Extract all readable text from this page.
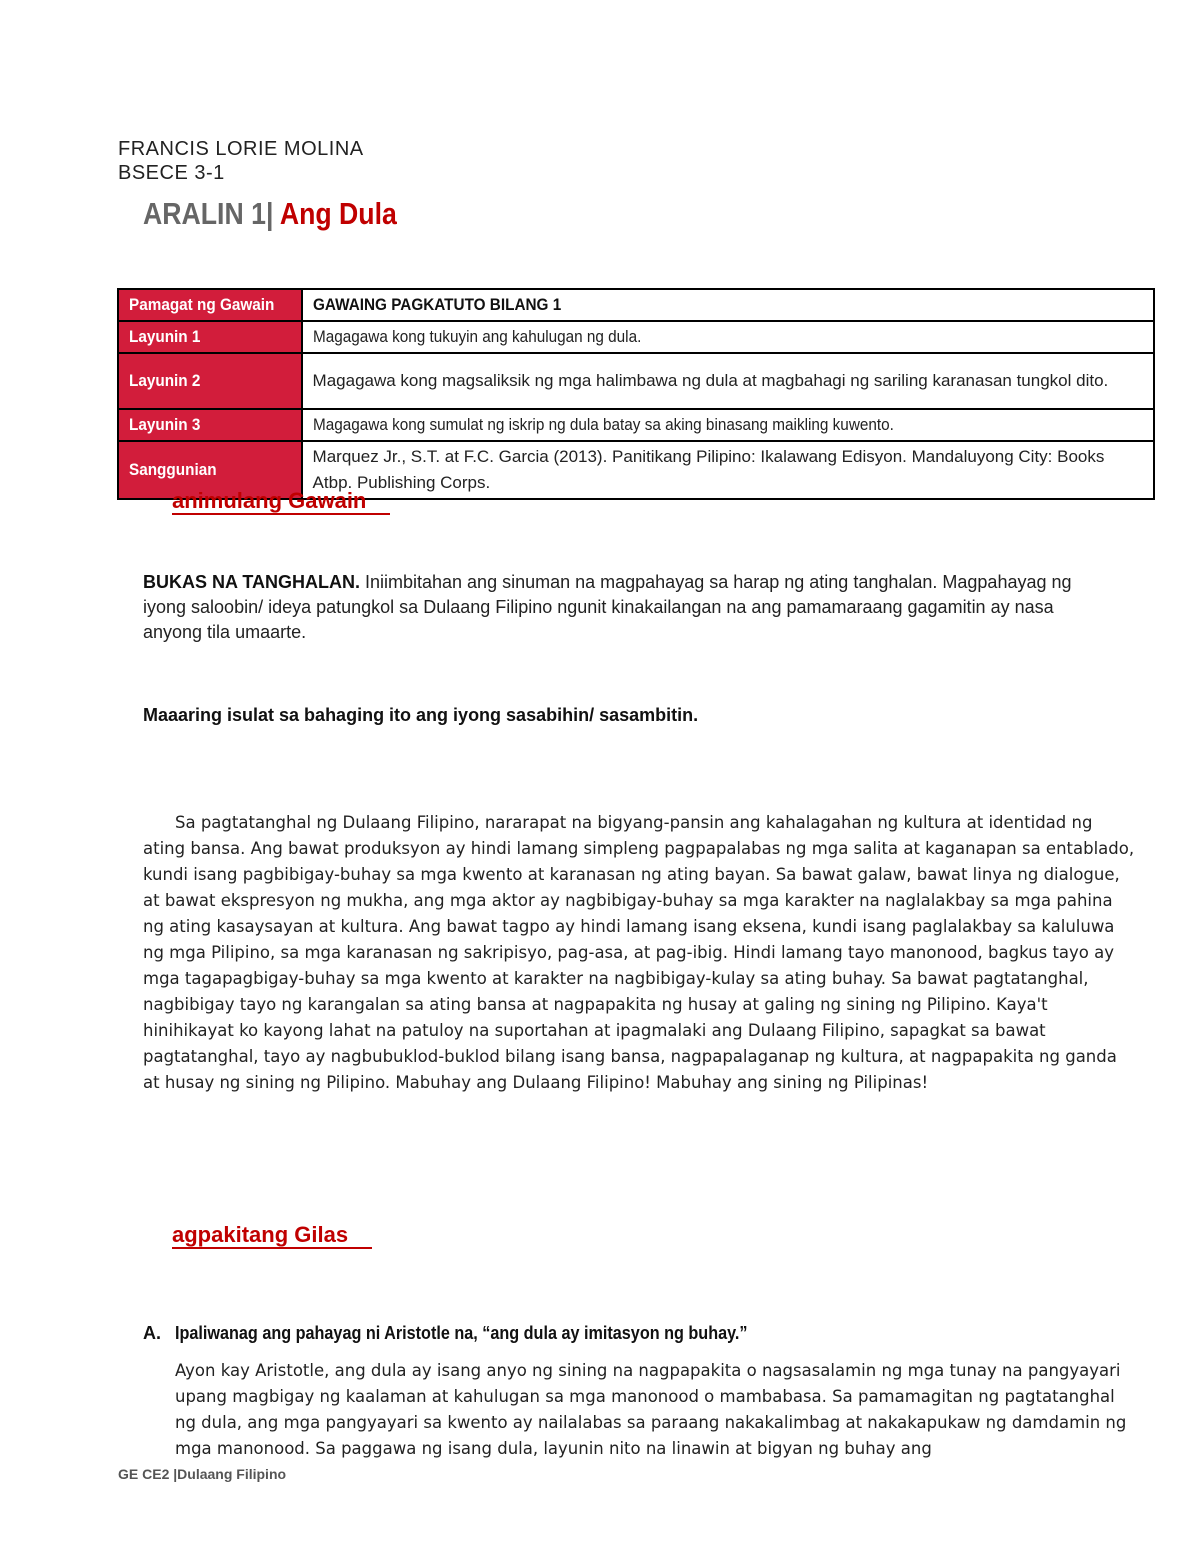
FRANCIS LORIE MOLINA
BSECE 3-1
ARALIN 1| Ang Dula
Pamagat ng Gawain	GAWAING PAGKATUTO BILANG 1
Layunin 1	Magagawa kong tukuyin ang kahulugan ng dula.
Layunin 2	Magagawa kong magsaliksik ng mga halimbawa ng dula at magbahagi ng sariling karanasan tungkol dito.

Layunin 3	Magagawa kong sumulat ng iskrip ng dula batay sa aking binasang maikling kuwento.
Sanggunian	Marquez Jr., S.T. at F.C. Garcia (2013). Panitikang Pilipino: Ikalawang Edisyon. Mandaluyong City: Books Atbp. Publishing Corps.
animulang Gawain
BUKAS NA TANGHALAN. Iniimbitahan ang sinuman na magpahayag sa harap ng ating tanghalan. Magpahayag ng iyong saloobin/ ideya patungkol sa Dulaang Filipino ngunit kinakailangan na ang pamamaraang gagamitin ay nasa anyong tila umaarte.
Maaaring isulat sa bahaging ito ang iyong sasabihin/ sasambitin.

Sa pagtatanghal ng Dulaang Filipino, nararapat na bigyang-pansin ang kahalagahan ng kultura at identidad ng ating bansa. Ang bawat produksyon ay hindi lamang simpleng pagpapalabas ng mga salita at kaganapan sa entablado, kundi isang pagbibigay-buhay sa mga kwento at karanasan ng ating bayan. Sa bawat galaw, bawat linya ng dialogue, at bawat ekspresyon ng mukha, ang mga aktor ay nagbibigay-buhay sa mga karakter na naglalakbay sa mga pahina ng ating kasaysayan at kultura. Ang bawat tagpo ay hindi lamang isang eksena, kundi isang paglalakbay sa kaluluwa ng mga Pilipino, sa mga karanasan ng sakripisyo, pag-asa, at pag-ibig. Hindi lamang tayo manonood, bagkus tayo ay mga tagapagbigay-buhay sa mga kwento at karakter na nagbibigay-kulay sa ating buhay. Sa bawat pagtatanghal, nagbibigay tayo ng karangalan sa ating bansa at nagpapakita ng husay at galing ng sining ng Pilipino. Kaya't hinihikayat ko kayong lahat na patuloy na suportahan at ipagmalaki ang Dulaang Filipino, sapagkat sa bawat pagtatanghal, tayo ay nagbubuklod-buklod bilang isang bansa, nagpapalaganap ng kultura, at nagpapakita ng ganda at husay ng sining ng Pilipino. Mabuhay ang Dulaang Filipino! Mabuhay ang sining ng Pilipinas!

agpakitang Gilas
A. Ipaliwanag ang pahayag ni Aristotle na, “ang dula ay imitasyon ng buhay.”
Ayon kay Aristotle, ang dula ay isang anyo ng sining na nagpapakita o nagsasalamin ng mga tunay na pangyayari upang magbigay ng kaalaman at kahulugan sa mga manonood o mambabasa. Sa pamamagitan ng pagtatanghal ng dula, ang mga pangyayari sa kwento ay nailalabas sa paraang nakakalimbag at nakakapukaw ng damdamin ng mga manonood. Sa paggawa ng isang dula, layunin nito na linawin at bigyan ng buhay ang
GE CE2 |Dulaang Filipino
